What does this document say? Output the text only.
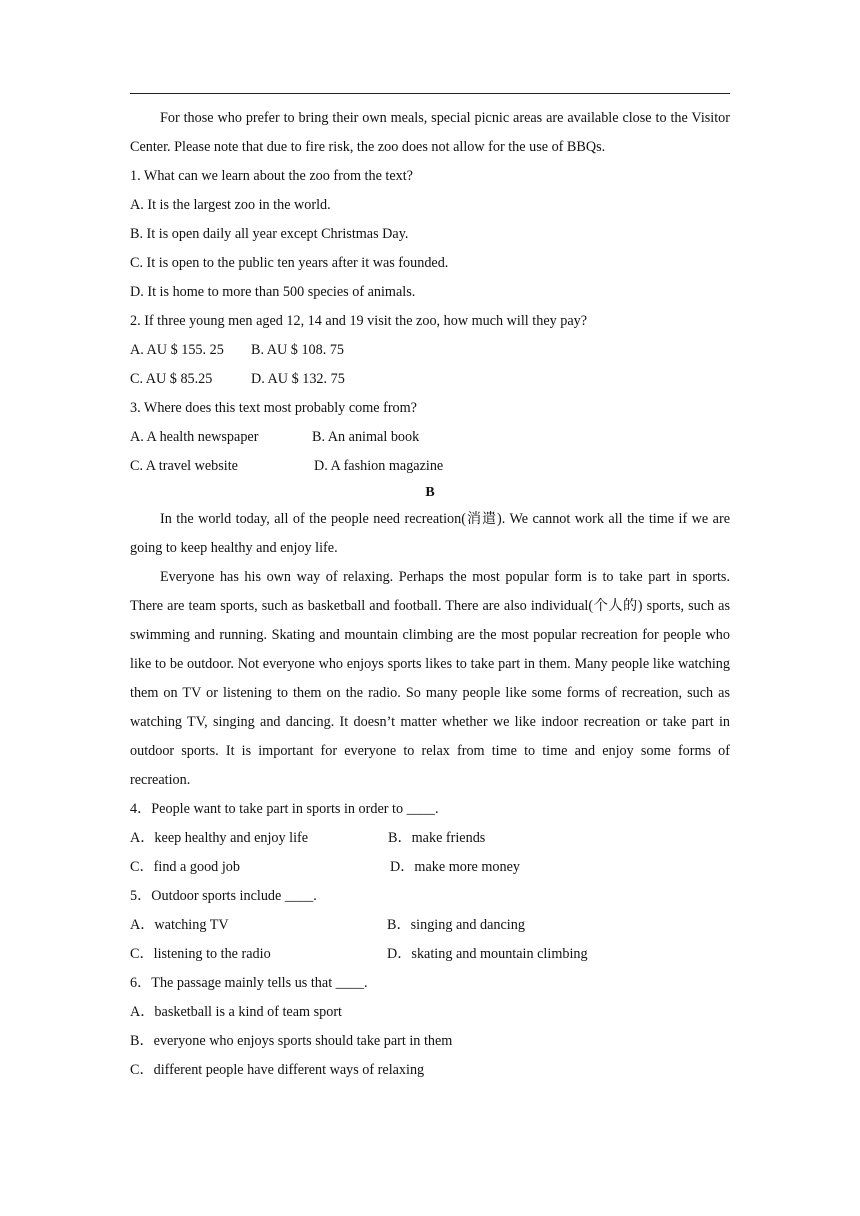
For those who prefer to bring their own meals, special picnic areas are available close to the Visitor Center. Please note that due to fire risk, the zoo does not allow for the use of BBQs.

1. What can we learn about the zoo from the text?

A. It is the largest zoo in the world.

B. It is open daily all year except Christmas Day.

C. It is open to the public ten years after it was founded.

D. It is home to more than 500 species of animals.

2. If three young men aged 12, 14 and 19 visit the zoo, how much will they pay?

A. AU $ 155. 25 B. AU $ 108. 75

C. AU $ 85.25	D. AU $ 132. 75

3. Where does this text most probably come from?

A. A health newspaper	B. An animal book

C. A travel website	D. A fashion magazine

B

In the world today, all of the people need recreation(消遣). We cannot work all the time if we are going to keep healthy and enjoy life.

Everyone has his own way of relaxing. Perhaps the most popular form is to take part in sports. There are team sports, such as basketball and football. There are also individual(个人的) sports, such as swimming and running. Skating and mountain climbing are the most popular recreation for people who like to be outdoor. Not everyone who enjoys sports likes to take part in them. Many people like watching them on TV or listening to them on the radio. So many people like some forms of recreation, such as watching TV, singing and dancing. It doesn’t matter whether we like indoor recreation or take part in outdoor sports. It is important for everyone to relax from time to time and enjoy some forms of recreation.

4．People want to take part in sports in order to ____.

A．keep healthy and enjoy life	B．make friends

C．find a good job	D．make more money

5．Outdoor sports include ____.

A．watching TV	B．singing and dancing

C．listening to the radio	D．skating and mountain climbing

6．The passage mainly tells us that ____.

A．basketball is a kind of team sport

B．everyone who enjoys sports should take part in them

C．different people have different ways of relaxing
